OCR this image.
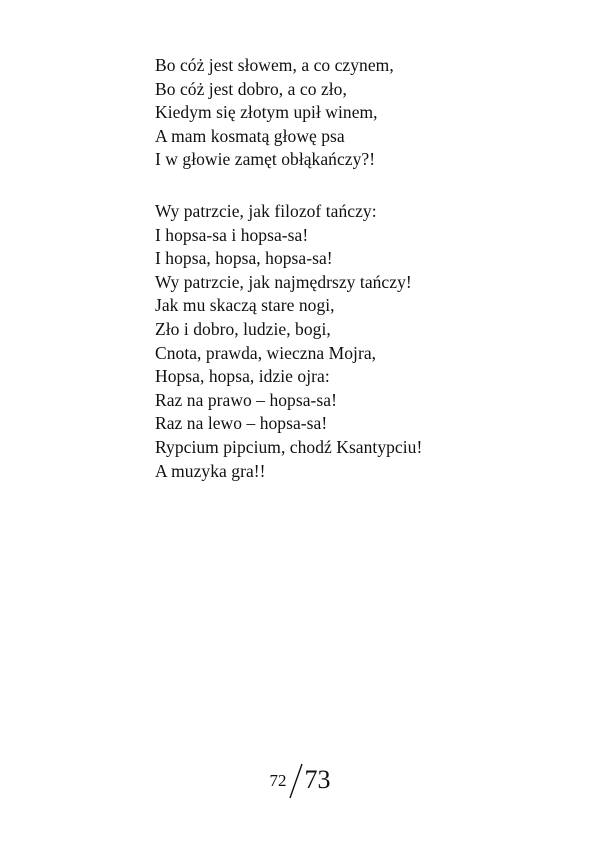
Bo cóż jest słowem, a co czynem,
Bo cóż jest dobro, a co zło,
Kiedym się złotym upił winem,
A mam kosmatą głowę psa
I w głowie zamęt obłąkańczy?!
Wy patrzcie, jak filozof tańczy:
I hopsa-sa i hopsa-sa!
I hopsa, hopsa, hopsa-sa!
Wy patrzcie, jak najmędrszy tańczy!
Jak mu skaczą stare nogi,
Zło i dobro, ludzie, bogi,
Cnota, prawda, wieczna Mojra,
Hopsa, hopsa, idzie ojra:
Raz na prawo – hopsa-sa!
Raz na lewo – hopsa-sa!
Rypcium pipcium, chodź Ksantypciu!
A muzyka gra!!
72 73
